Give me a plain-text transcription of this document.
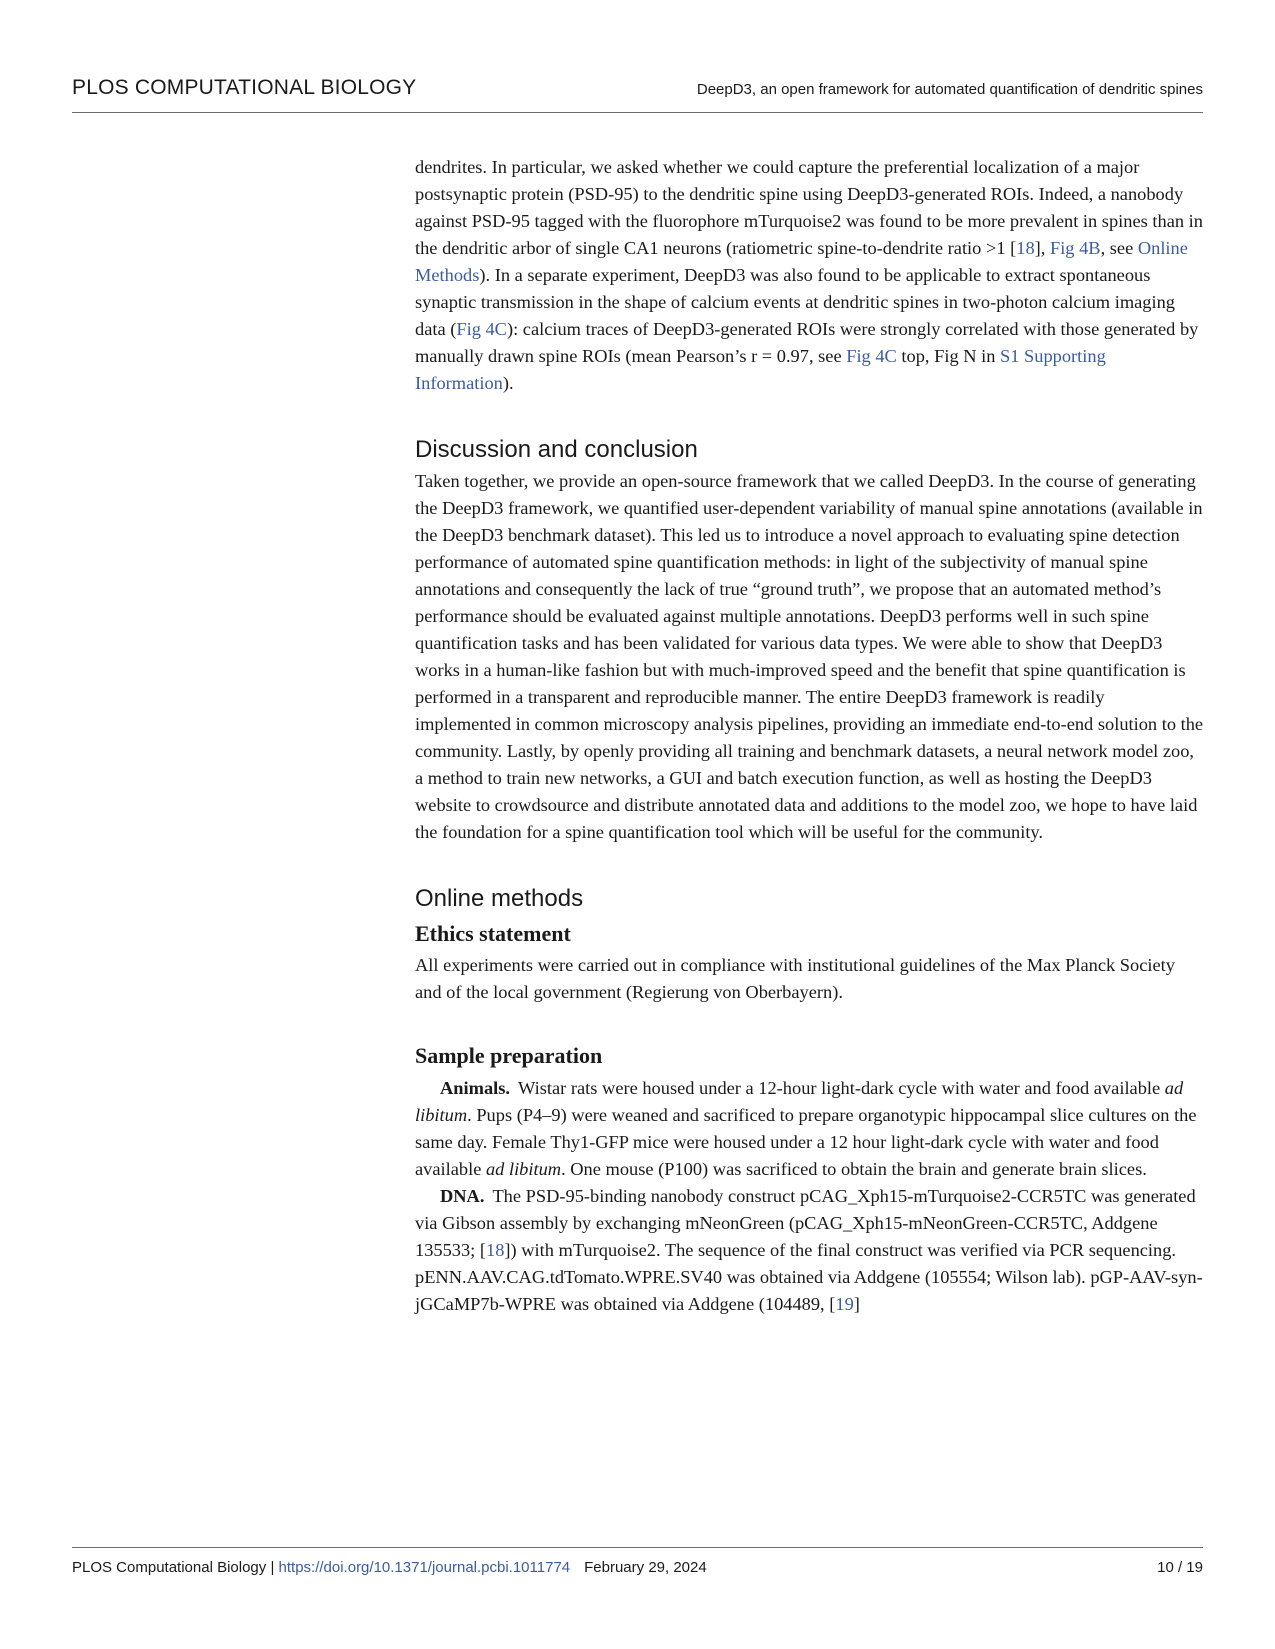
PLOS COMPUTATIONAL BIOLOGY	DeepD3, an open framework for automated quantification of dendritic spines

dendrites. In particular, we asked whether we could capture the preferential localization of a major postsynaptic protein (PSD-95) to the dendritic spine using DeepD3-generated ROIs. Indeed, a nanobody against PSD-95 tagged with the fluorophore mTurquoise2 was found to be more prevalent in spines than in the dendritic arbor of single CA1 neurons (ratiometric spine-to-dendrite ratio >1 [18], Fig 4B, see Online Methods). In a separate experiment, DeepD3 was also found to be applicable to extract spontaneous synaptic transmission in the shape of calcium events at dendritic spines in two-photon calcium imaging data (Fig 4C): calcium traces of DeepD3-generated ROIs were strongly correlated with those generated by manually drawn spine ROIs (mean Pearson’s r = 0.97, see Fig 4C top, Fig N in S1 Supporting Information).

Discussion and conclusion

Taken together, we provide an open-source framework that we called DeepD3. In the course of generating the DeepD3 framework, we quantified user-dependent variability of manual spine annotations (available in the DeepD3 benchmark dataset). This led us to introduce a novel approach to evaluating spine detection performance of automated spine quantification methods: in light of the subjectivity of manual spine annotations and consequently the lack of true “ground truth”, we propose that an automated method’s performance should be evaluated against multiple annotations. DeepD3 performs well in such spine quantification tasks and has been validated for various data types. We were able to show that DeepD3 works in a human-like fashion but with much-improved speed and the benefit that spine quantification is performed in a transparent and reproducible manner. The entire DeepD3 framework is readily implemented in common microscopy analysis pipelines, providing an immediate end-to-end solution to the community. Lastly, by openly providing all training and benchmark datasets, a neural network model zoo, a method to train new networks, a GUI and batch execution function, as well as hosting the DeepD3 website to crowdsource and distribute annotated data and additions to the model zoo, we hope to have laid the foundation for a spine quantification tool which will be useful for the community.

Online methods
Ethics statement

All experiments were carried out in compliance with institutional guidelines of the Max Planck Society and of the local government (Regierung von Oberbayern).

Sample preparation

Animals. Wistar rats were housed under a 12-hour light-dark cycle with water and food available ad libitum. Pups (P4–9) were weaned and sacrificed to prepare organotypic hippocampal slice cultures on the same day. Female Thy1-GFP mice were housed under a 12 hour light-dark cycle with water and food available ad libitum. One mouse (P100) was sacrificed to obtain the brain and generate brain slices.

DNA. The PSD-95-binding nanobody construct pCAG_Xph15-mTurquoise2-CCR5TC was generated via Gibson assembly by exchanging mNeonGreen (pCAG_Xph15-mNeonGreen-CCR5TC, Addgene 135533; [18]) with mTurquoise2. The sequence of the final construct was verified via PCR sequencing. pENN.AAV.CAG.tdTomato.WPRE.SV40 was obtained via Addgene (105554; Wilson lab). pGP-AAV-syn-jGCaMP7b-WPRE was obtained via Addgene (104489, [19]

PLOS Computational Biology | https://doi.org/10.1371/journal.pcbi.1011774 February 29, 2024	10 / 19
